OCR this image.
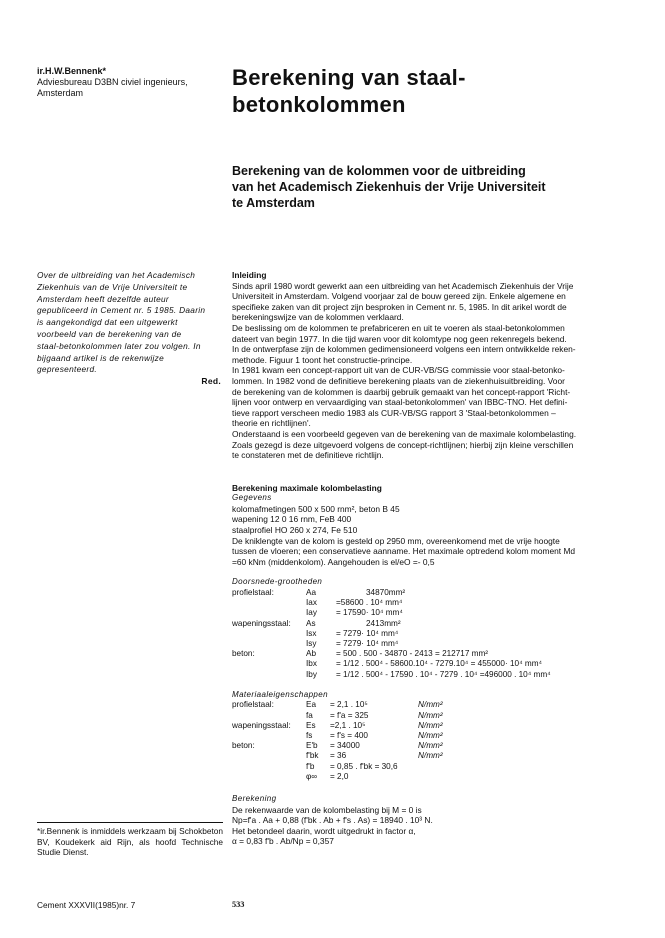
ir.H.W.Bennenk*
Adviesbureau D3BN civiel ingenieurs,
Amsterdam
Berekening van staal-
betonkolommen
Berekening van de kolommen voor de uitbreiding
van het Academisch Ziekenhuis der Vrije Universiteit
te Amsterdam
Over de uitbreiding van het Academisch
Ziekenhuis van de Vrije Universiteit te
Amsterdam heeft dezelfde auteur
gepubliceerd in Cement nr. 5 1985. Daarin
is aangekondigd dat een uitgewerkt
voorbeeld van de berekening van de
staal-betonkolommen later zou volgen. In
bijgaand artikel is de rekenwijze
gepresenteerd.
Red.
Inleiding
Sinds april 1980 wordt gewerkt aan een uitbreiding van het Academisch Ziekenhuis der Vrije
Universiteit in Amsterdam. Volgend voorjaar zal de bouw gereed zijn. Enkele algemene en
specifieke zaken van dit project zijn besproken in Cement nr. 5, 1985. In dit arikel wordt de
berekeningswijze van de kolommen verklaard.
De beslissing om de kolommen te prefabriceren en uit te voeren als staal-betonkolommen
dateert van begin 1977. In die tijd waren voor dit kolomtype nog geen rekenregels bekend.
In de ontwerpfase zijn de kolommen gedimensioneerd volgens een intern ontwikkelde reken-
methode. Figuur 1 toont het constructie-principe.
In 1981 kwam een concept-rapport uit van de CUR-VB/SG commissie voor staal-betonko-
lommen. In 1982 vond de definitieve berekening plaats van de ziekenhuisuitbreiding. Voor
de berekening van de kolommen is daarbij gebruik gemaakt van het concept-rapport 'Richt-
lijnen voor ontwerp en vervaardiging van staal-betonkolommen' van IBBC-TNO. Het defini-
tieve rapport verscheen medio 1983 als CUR-VB/SG rapport 3 'Staal-betonkolommen –
theorie en richtlijnen'.
Onderstaand is een voorbeeld gegeven van de berekening van de maximale kolombelasting.
Zoals gezegd is deze uitgevoerd volgens de concept-richtlijnen; hierbij zijn kleine verschillen
te constateren met de definitieve richtlijn.
Berekening maximale kolombelasting
Gegevens
kolomafmetingen 500 x 500 rnm², beton B 45
wapening 12 0 16 rnm, FeB 400
staalprofiel HO 260 x 274, Fe 510
De kniklengte van de kolom is gesteld op 2950 mm, overeenkomend met de vrije hoogte
tussen de vloeren; een conservatieve aanname. Het maximale optredend kolom moment Md
=60 kNm (middenkolom). Aangehouden is el/eO =- 0,5
Doorsnede-grootheden
profielstaal:	Aa	34870mm²
	Iax	=58600 . 10⁴ mm⁴
	Iay	= 17590· 10⁴ mm⁴
wapeningsstaal:	As	2413mm²
	Isx	= 7279· 10⁴ mm⁴
	Isy	= 7279· 10⁴ mm⁴
beton:	Ab	= 500 . 500 - 34870 - 2413 = 212717 mm²
	Ibx	= 1/12 . 500⁴ - 58600.10⁴ - 7279.10⁴ = 455000· 10⁴ mm⁴
	Iby	= 1/12 . 500⁴ - 17590 . 10⁴ - 7279 . 10⁴ =496000 . 10⁴ mm⁴
Materiaaleigenschappen
profielstaal:	Ea	= 2,1 . 10⁵	N/mm²
	fa	= f'a = 325	N/mm²
wapeningsstaal:	Es	=2,1 . 10⁵	N/mm²
	fs	= f's = 400	N/mm²
beton:	E'b	= 34000	N/mm²
	f'bk	= 36	N/mm²
	f'b	= 0,85 . f'bk = 30,6	
	φ∞	= 2,0	
Berekening
De rekenwaarde van de kolombelasting bij M = 0 is
Np=f'a . Aa + 0,88 (f'bk . Ab + f's . As) = 18940 . 10³ N.
Het betondeel daarin, wordt uitgedrukt in factor α,
α = 0,83 f'b . Ab/Np = 0,357
*ir.Bennenk is inmiddels werkzaam bij Schokbeton BV, Koudekerk aid Rijn, als hoofd Technische Studie Dienst.
Cement XXXVII(1985)nr. 7	533
